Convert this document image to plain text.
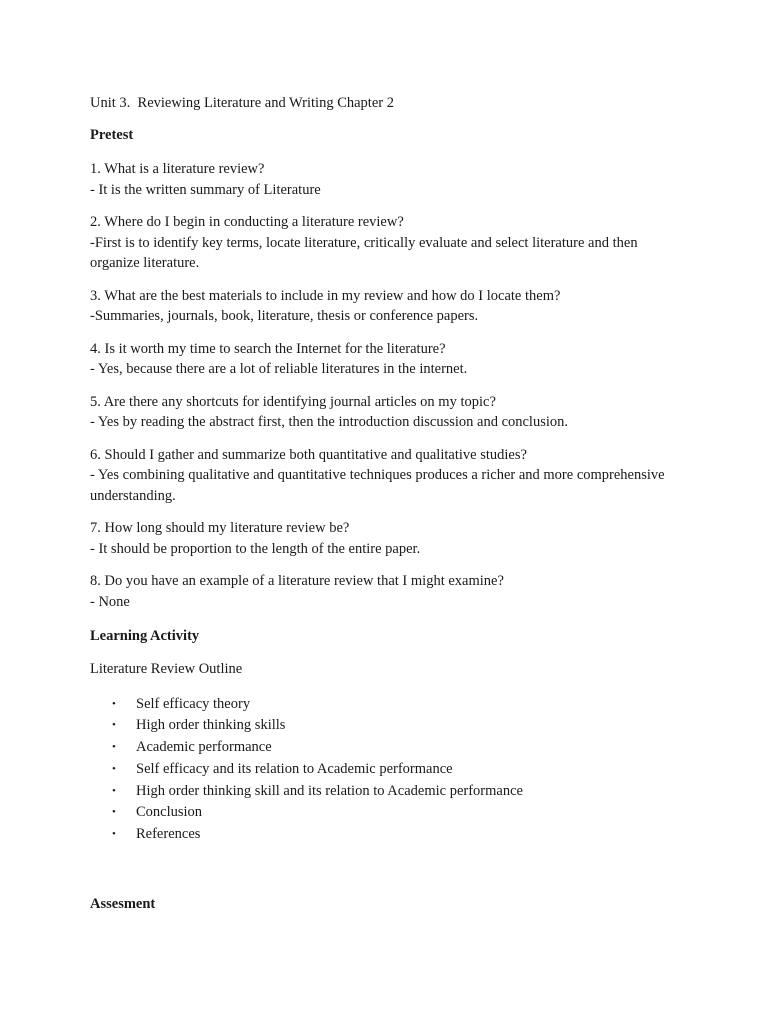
Unit 3.  Reviewing Literature and Writing Chapter 2

Pretest

1. What is a literature review?
- It is the written summary of Literature
2. Where do I begin in conducting a literature review?
-First is to identify key terms, locate literature, critically evaluate and select literature and then organize literature.
3. What are the best materials to include in my review and how do I locate them?
-Summaries, journals, book, literature, thesis or conference papers.
4. Is it worth my time to search the Internet for the literature?
- Yes, because there are a lot of reliable literatures in the internet.
5. Are there any shortcuts for identifying journal articles on my topic?
- Yes by reading the abstract first, then the introduction discussion and conclusion.
6. Should I gather and summarize both quantitative and qualitative studies?
- Yes combining qualitative and quantitative techniques produces a richer and more comprehensive understanding.
7. How long should my literature review be?
- It should be proportion to the length of the entire paper.
8. Do you have an example of a literature review that I might examine?
- None

Learning Activity

Literature Review Outline

• Self efficacy theory
• High order thinking skills
• Academic performance
• Self efficacy and its relation to Academic performance
• High order thinking skill and its relation to Academic performance
• Conclusion
• References

Assesment
